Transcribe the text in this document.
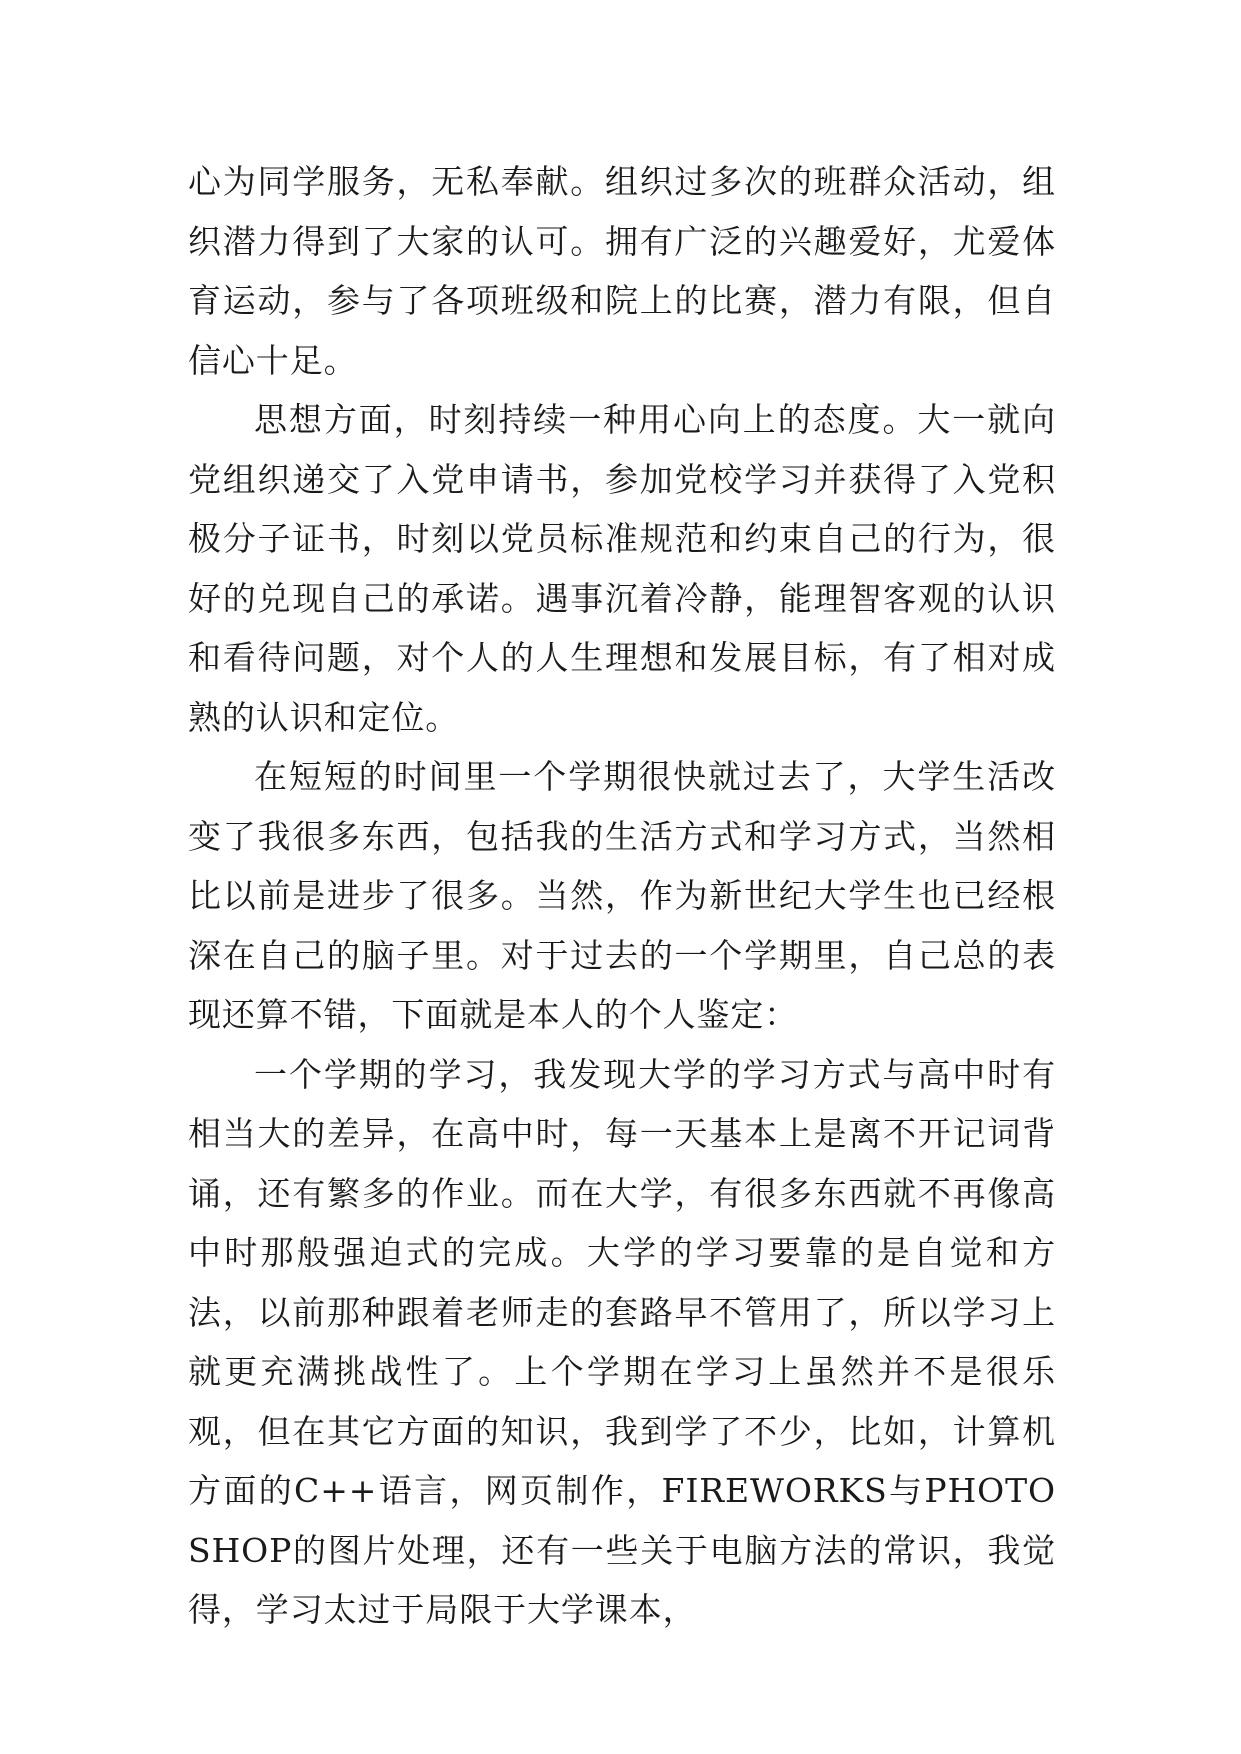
心为同学服务，无私奉献。组织过多次的班群众活动，组织潜力得到了大家的认可。拥有广泛的兴趣爱好，尤爱体育运动，参与了各项班级和院上的比赛，潜力有限，但自信心十足。

思想方面，时刻持续一种用心向上的态度。大一就向党组织递交了入党申请书，参加党校学习并获得了入党积极分子证书，时刻以党员标准规范和约束自己的行为，很好的兑现自己的承诺。遇事沉着冷静，能理智客观的认识和看待问题，对个人的人生理想和发展目标，有了相对成熟的认识和定位。

在短短的时间里一个学期很快就过去了，大学生活改变了我很多东西，包括我的生活方式和学习方式，当然相比以前是进步了很多。当然，作为新世纪大学生也已经根深在自己的脑子里。对于过去的一个学期里，自己总的表现还算不错，下面就是本人的个人鉴定：

一个学期的学习，我发现大学的学习方式与高中时有相当大的差异，在高中时，每一天基本上是离不开记词背诵，还有繁多的作业。而在大学，有很多东西就不再像高中时那般强迫式的完成。大学的学习要靠的是自觉和方法，以前那种跟着老师走的套路早不管用了，所以学习上就更充满挑战性了。上个学期在学习上虽然并不是很乐观，但在其它方面的知识，我到学了不少，比如，计算机方面的C++语言，网页制作，FIREWORKS与PHOTOSHOP的图片处理，还有一些关于电脑方法的常识，我觉得，学习太过于局限于大学课本，
